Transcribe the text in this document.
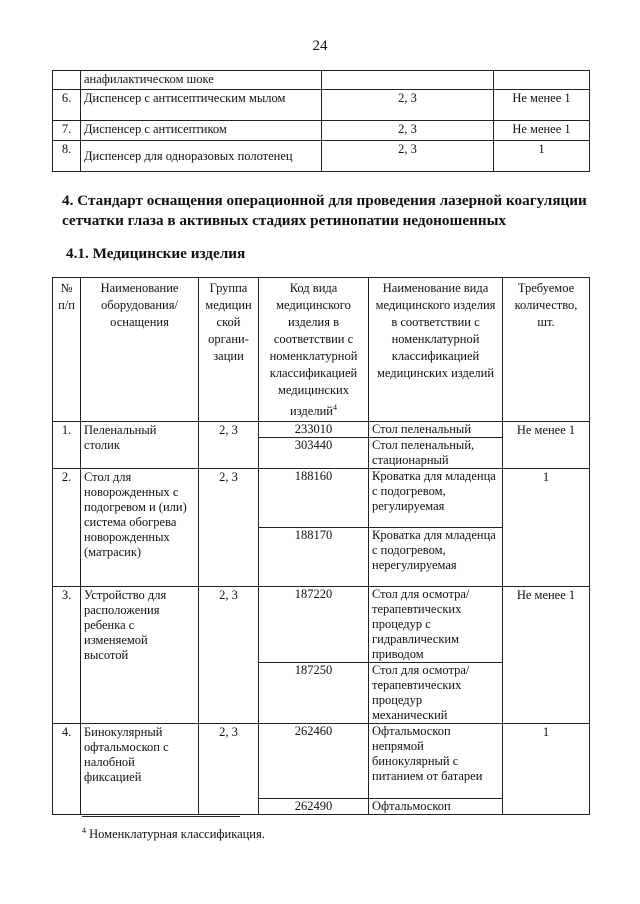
24
	анафилактическом шоке		
6.	Диспенсер с антисептическим мылом	2, 3	Не менее 1
7.	Диспенсер с антисептиком	2, 3	Не менее 1
8.	Диспенсер для одноразовых полотенец	2, 3	1
4. Стандарт оснащения операционной для проведения лазерной коагуляции сетчатки глаза в активных стадиях ретинопатии недоношенных
4.1. Медицинские изделия
№ п/п	Наименование оборудования/ оснащения	Группа медицин ской органи-зации	Код вида медицинского изделия в соответствии с номенклатурной классификацией медицинских изделий$^4$	Наименование вида медицинского изделия в соответствии с номенклатурной классификацией медицинских изделий	Требуемое количество, шт.
1.	Пеленальный столик	2, 3	233010	Стол пеленальный	Не менее 1
			303440	Стол пеленальный, стационарный	
2.	Стол для новорожденных с подогревом и (или) система обогрева новорожденных (матрасик)	2, 3	188160	Кроватка для младенца с подогревом, регулируемая	1
			188170	Кроватка для младенца с подогревом, нерегулируемая	
3.	Устройство для расположения ребенка с изменяемой высотой	2, 3	187220	Стол для осмотра/ терапевтических процедур с гидравлическим приводом	Не менее 1
			187250	Стол для осмотра/ терапевтических процедур механический	
4.	Бинокулярный офтальмоскоп с налобной фиксацией	2, 3	262460	Офтальмоскоп непрямой бинокулярный с питанием от батареи	1
			262490	Офтальмоскоп	
$^4$ Номенклатурная классификация.
